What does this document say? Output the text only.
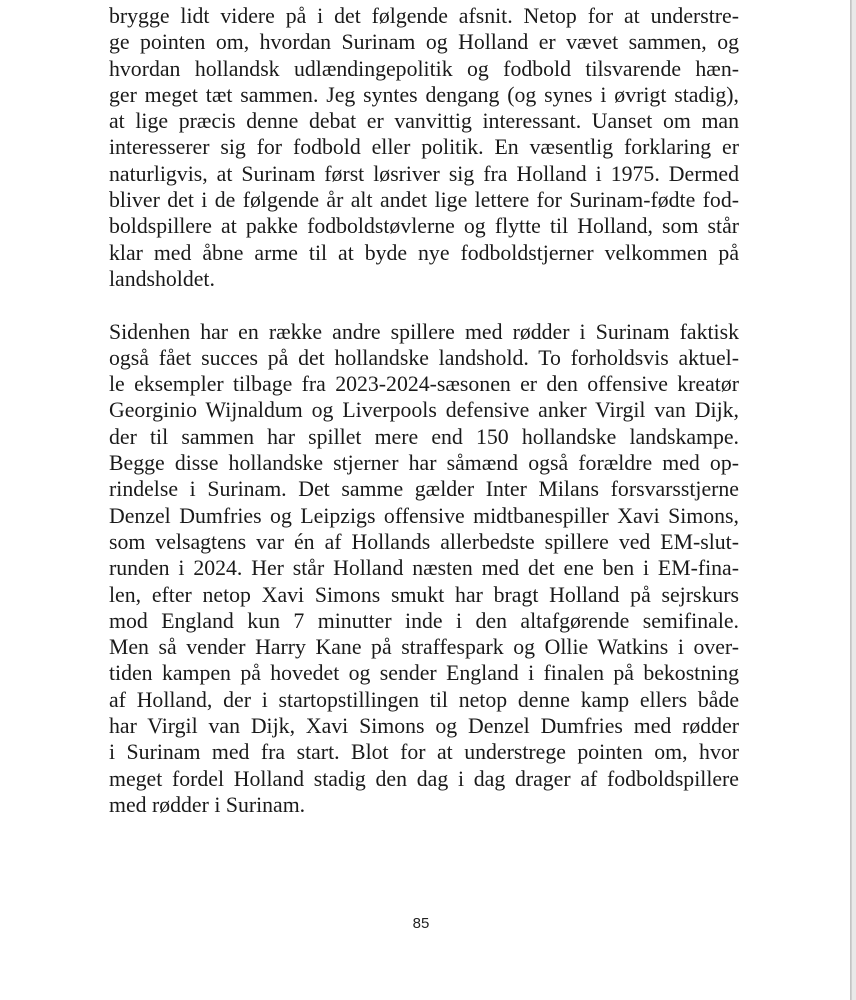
brygge lidt videre på i det følgende afsnit. Netop for at understre-
ge pointen om, hvordan Surinam og Holland er vævet sammen, og
hvordan hollandsk udlændingepolitik og fodbold tilsvarende hæn-
ger meget tæt sammen. Jeg syntes dengang (og synes i øvrigt stadig),
at lige præcis denne debat er vanvittig interessant. Uanset om man
interesserer sig for fodbold eller politik. En væsentlig forklaring er
naturligvis, at Surinam først løsriver sig fra Holland i 1975. Dermed
bliver det i de følgende år alt andet lige lettere for Surinam-fødte fod-
boldspillere at pakke fodboldstøvlerne og flytte til Holland, som står
klar med åbne arme til at byde nye fodboldstjerner velkommen på
landsholdet.
Sidenhen har en række andre spillere med rødder i Surinam faktisk
også fået succes på det hollandske landshold. To forholdsvis aktuel-
le eksempler tilbage fra 2023-2024-sæsonen er den offensive kreatør
Georginio Wijnaldum og Liverpools defensive anker Virgil van Dijk,
der til sammen har spillet mere end 150 hollandske landskampe.
Begge disse hollandske stjerner har såmænd også forældre med op-
rindelse i Surinam. Det samme gælder Inter Milans forsvarsstjerne
Denzel Dumfries og Leipzigs offensive midtbanespiller Xavi Simons,
som velsagtens var én af Hollands allerbedste spillere ved EM-slut-
runden i 2024. Her står Holland næsten med det ene ben i EM-fina-
len, efter netop Xavi Simons smukt har bragt Holland på sejrskurs
mod England kun 7 minutter inde i den altafgørende semifinale.
Men så vender Harry Kane på straffespark og Ollie Watkins i over-
tiden kampen på hovedet og sender England i finalen på bekostning
af Holland, der i startopstillingen til netop denne kamp ellers både
har Virgil van Dijk, Xavi Simons og Denzel Dumfries med rødder
i Surinam med fra start. Blot for at understrege pointen om, hvor
meget fordel Holland stadig den dag i dag drager af fodboldspillere
med rødder i Surinam.
85
